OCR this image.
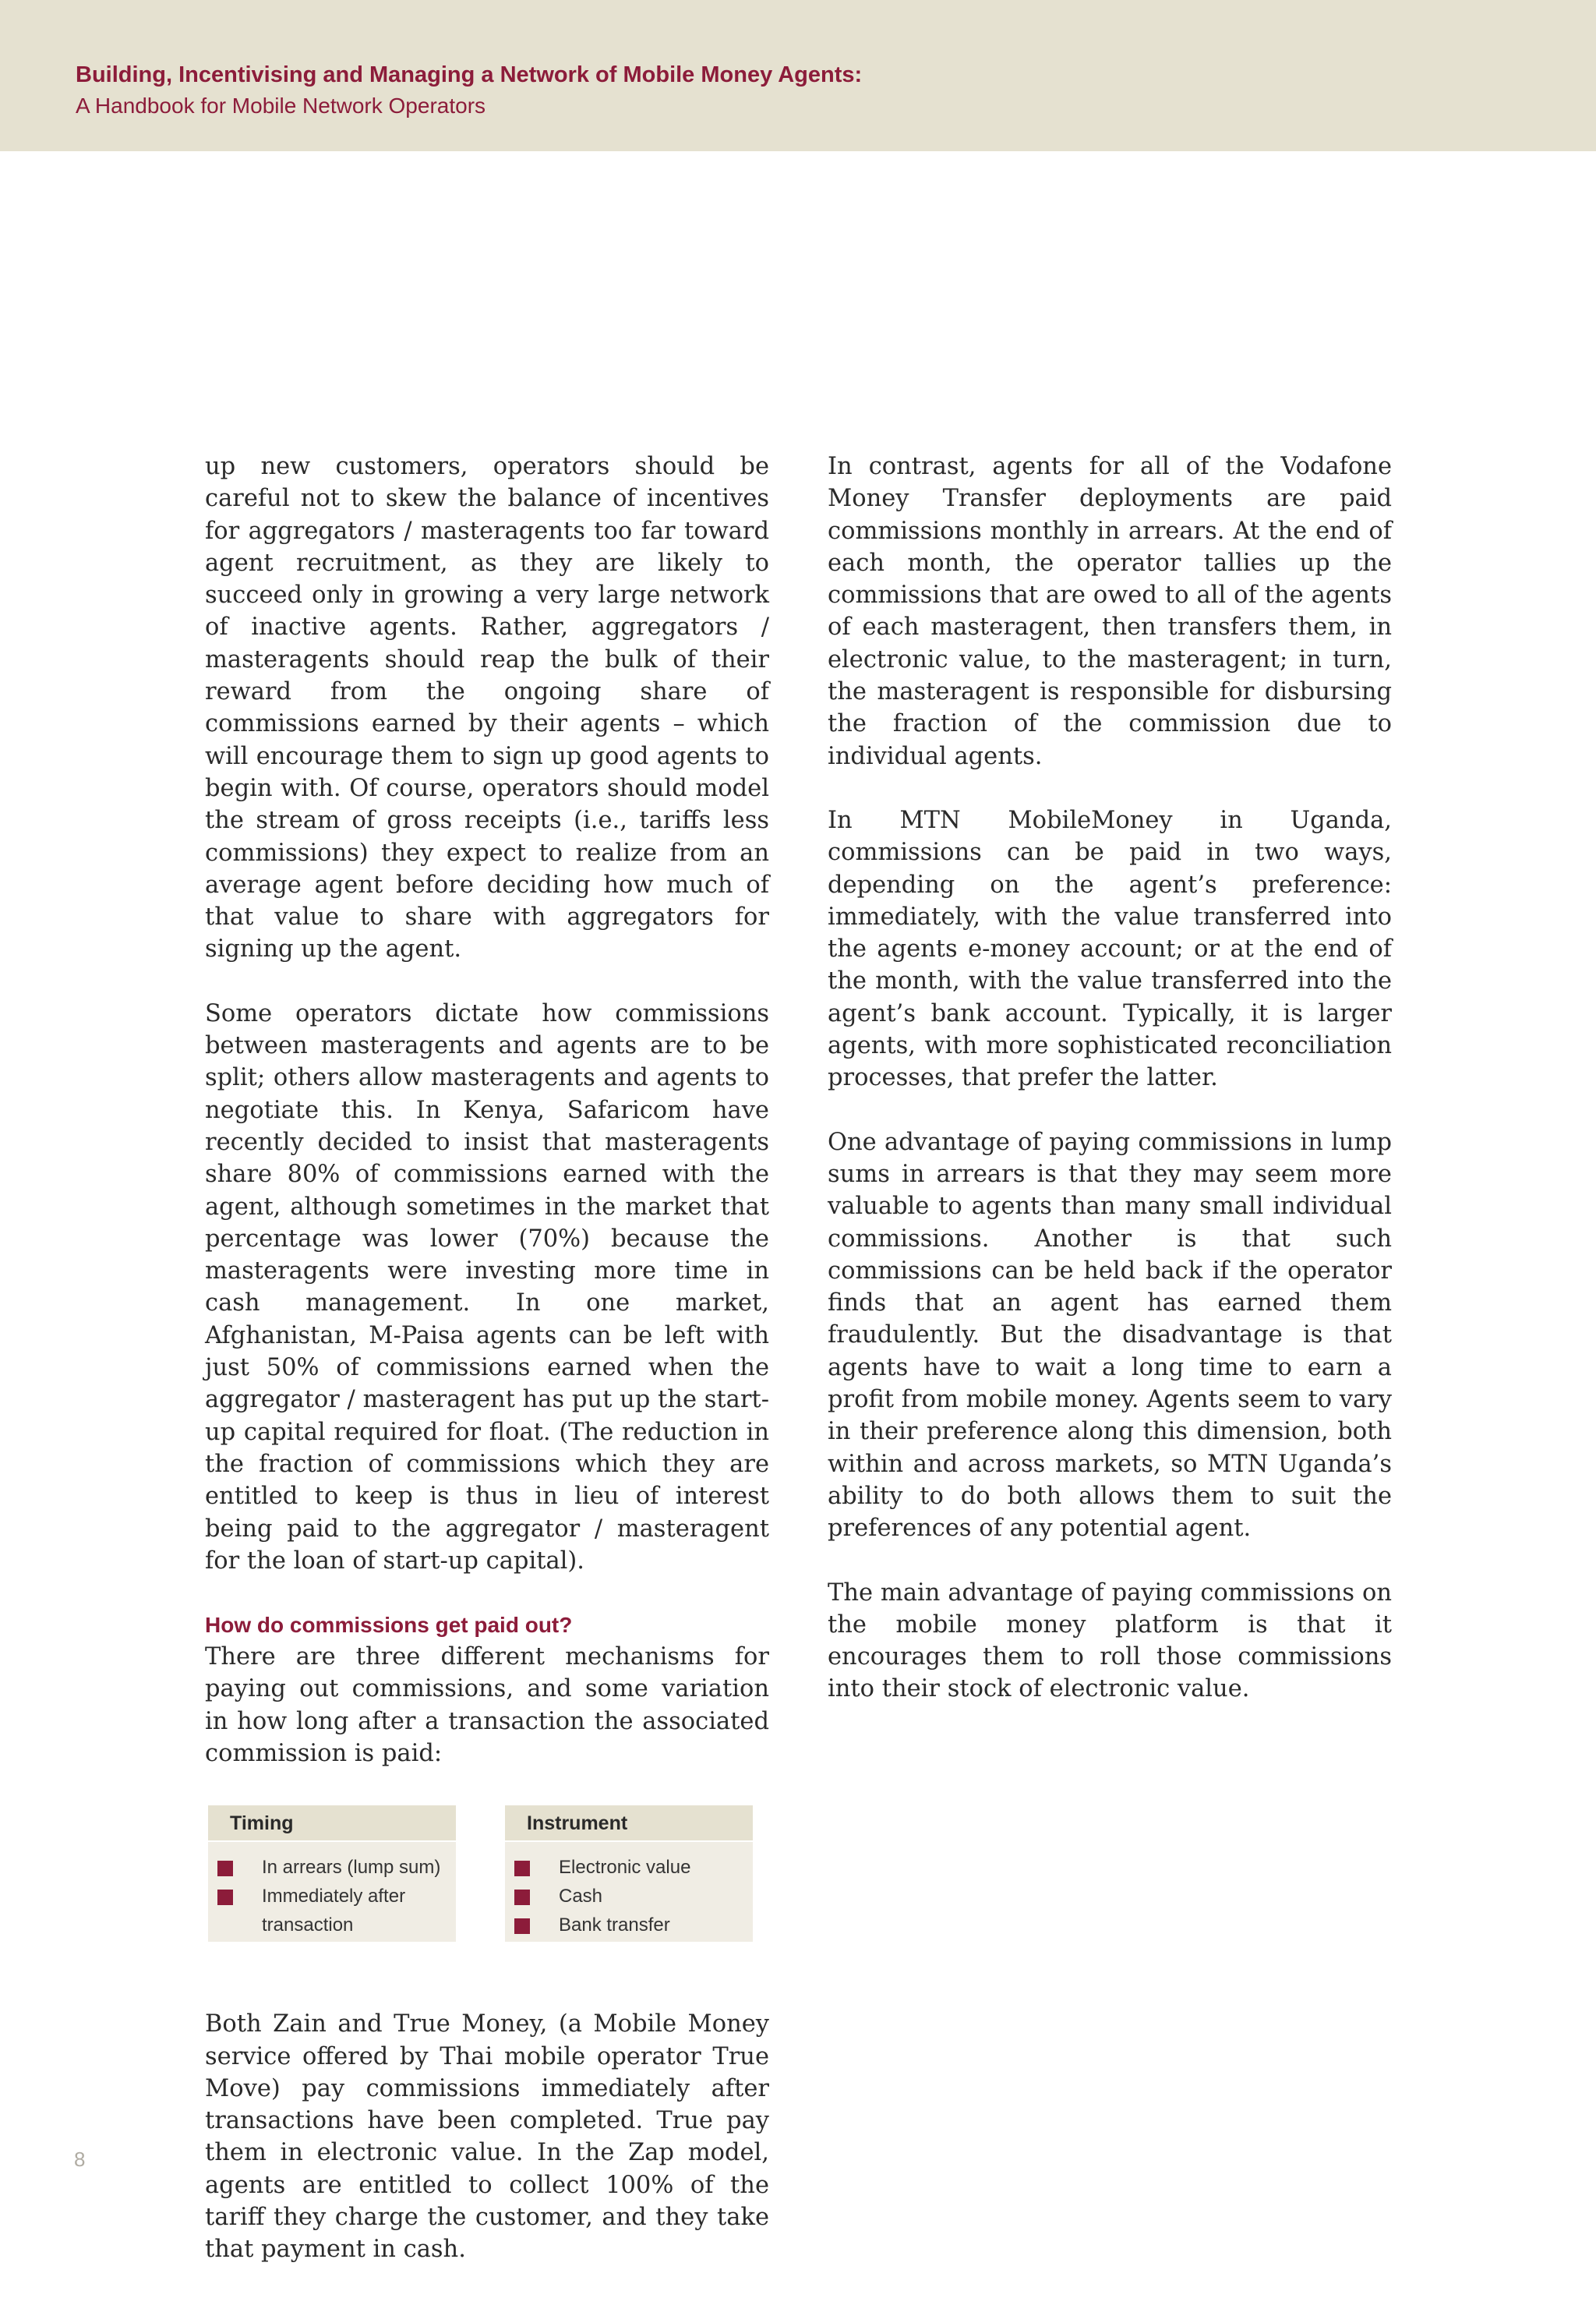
Building, Incentivising and Managing a Network of Mobile Money Agents:
A Handbook for Mobile Network Operators

up new customers, operators should be careful not to skew the balance of incentives for aggregators / masteragents too far toward agent recruitment, as they are likely to succeed only in growing a very large network of inactive agents. Rather, aggregators / masteragents should reap the bulk of their reward from the ongoing share of commissions earned by their agents – which will encourage them to sign up good agents to begin with. Of course, operators should model the stream of gross receipts (i.e., tariffs less commissions) they expect to realize from an average agent before deciding how much of that value to share with aggregators for signing up the agent.

Some operators dictate how commissions between masteragents and agents are to be split; others allow masteragents and agents to negotiate this. In Kenya, Safaricom have recently decided to insist that masteragents share 80% of commissions earned with the agent, although sometimes in the market that percentage was lower (70%) because the masteragents were investing more time in cash management. In one market, Afghanistan, M-Paisa agents can be left with just 50% of commissions earned when the aggregator / masteragent has put up the start-up capital required for float. (The reduction in the fraction of commissions which they are entitled to keep is thus in lieu of interest being paid to the aggregator / masteragent for the loan of start-up capital).

How do commissions get paid out?

There are three different mechanisms for paying out commissions, and some variation in how long after a transaction the associated commission is paid:

Timing
In arrears (lump sum)
Immediately after transaction
Instrument
Electronic value
Cash
Bank transfer

Both Zain and True Money, (a Mobile Money service offered by Thai mobile operator True Move) pay commissions immediately after transactions have been completed. True pay them in electronic value. In the Zap model, agents are entitled to collect 100% of the tariff they charge the customer, and they take that payment in cash.

In contrast, agents for all of the Vodafone Money Transfer deployments are paid commissions monthly in arrears. At the end of each month, the operator tallies up the commissions that are owed to all of the agents of each masteragent, then transfers them, in electronic value, to the masteragent; in turn, the masteragent is responsible for disbursing the fraction of the commission due to individual agents.

In MTN MobileMoney in Uganda, commissions can be paid in two ways, depending on the agent’s preference: immediately, with the value transferred into the agents e-money account; or at the end of the month, with the value transferred into the agent’s bank account. Typically, it is larger agents, with more sophisticated reconciliation processes, that prefer the latter.

One advantage of paying commissions in lump sums in arrears is that they may seem more valuable to agents than many small individual commissions. Another is that such commissions can be held back if the operator finds that an agent has earned them fraudulently. But the disadvantage is that agents have to wait a long time to earn a profit from mobile money. Agents seem to vary in their preference along this dimension, both within and across markets, so MTN Uganda’s ability to do both allows them to suit the preferences of any potential agent.

The main advantage of paying commissions on the mobile money platform is that it encourages them to roll those commissions into their stock of electronic value.

8
